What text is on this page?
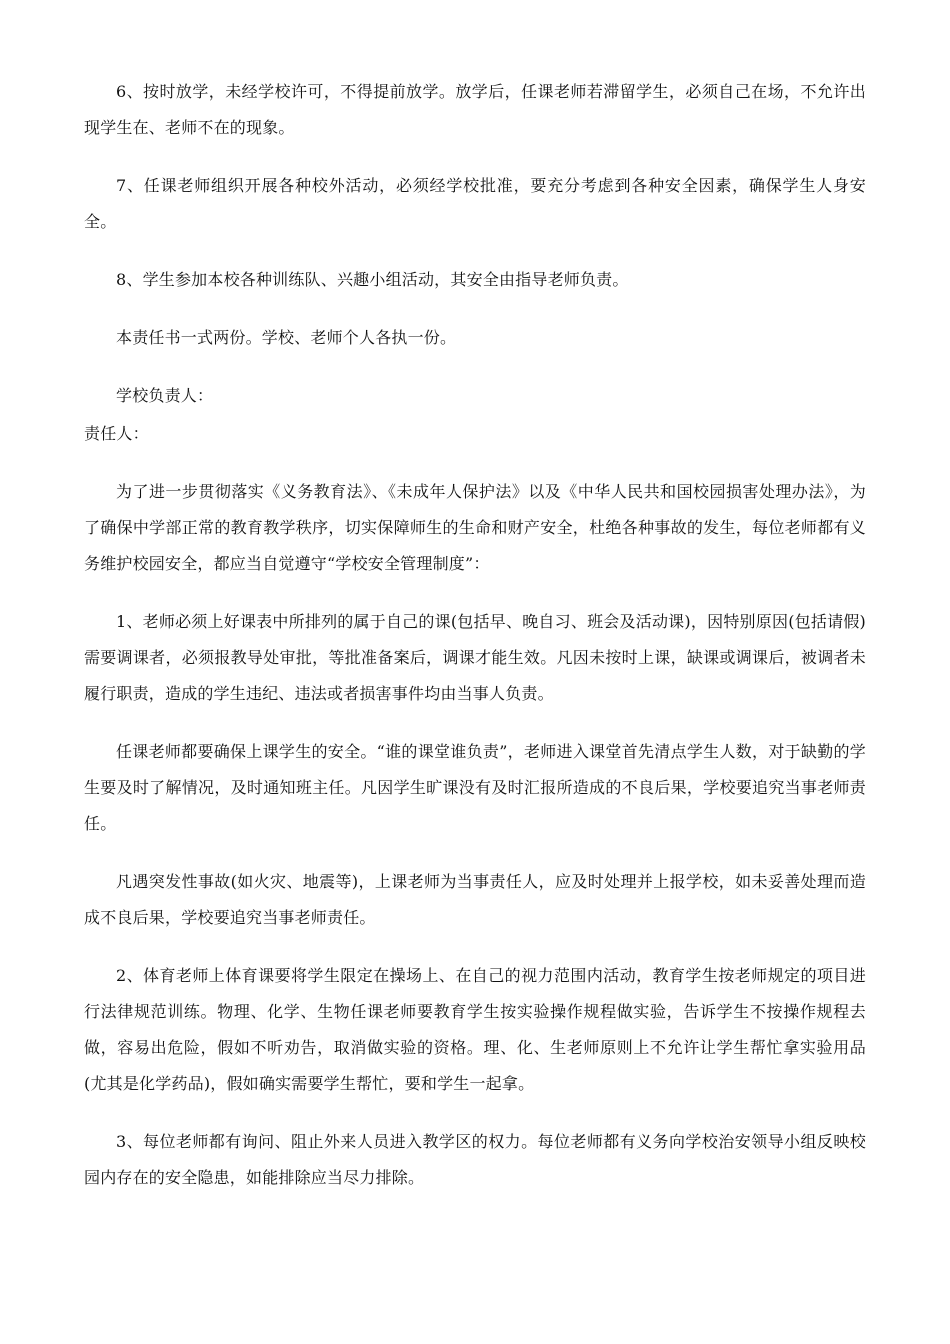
6、按时放学，未经学校许可，不得提前放学。放学后，任课老师若滞留学生，必须自己在场，不允许出现学生在、老师不在的现象。

7、任课老师组织开展各种校外活动，必须经学校批准，要充分考虑到各种安全因素，确保学生人身安全。

8、学生参加本校各种训练队、兴趣小组活动，其安全由指导老师负责。

本责任书一式两份。学校、老师个人各执一份。

学校负责人：

责任人：

为了进一步贯彻落实《义务教育法》、《未成年人保护法》以及《中华人民共和国校园损害处理办法》，为了确保中学部正常的教育教学秩序，切实保障师生的生命和财产安全，杜绝各种事故的发生，每位老师都有义务维护校园安全，都应当自觉遵守“学校安全管理制度”：

1、老师必须上好课表中所排列的属于自己的课(包括早、晚自习、班会及活动课)，因特别原因(包括请假)需要调课者，必须报教导处审批，等批准备案后，调课才能生效。凡因未按时上课，缺课或调课后，被调者未履行职责，造成的学生违纪、违法或者损害事件均由当事人负责。

任课老师都要确保上课学生的安全。“谁的课堂谁负责”，老师进入课堂首先清点学生人数，对于缺勤的学生要及时了解情况，及时通知班主任。凡因学生旷课没有及时汇报所造成的不良后果，学校要追究当事老师责任。

凡遇突发性事故(如火灾、地震等)，上课老师为当事责任人，应及时处理并上报学校，如未妥善处理而造成不良后果，学校要追究当事老师责任。

2、体育老师上体育课要将学生限定在操场上、在自己的视力范围内活动，教育学生按老师规定的项目进行法律规范训练。物理、化学、生物任课老师要教育学生按实验操作规程做实验，告诉学生不按操作规程去做，容易出危险，假如不听劝告，取消做实验的资格。理、化、生老师原则上不允许让学生帮忙拿实验用品(尤其是化学药品)，假如确实需要学生帮忙，要和学生一起拿。

3、每位老师都有询问、阻止外来人员进入教学区的权力。每位老师都有义务向学校治安领导小组反映校园内存在的安全隐患，如能排除应当尽力排除。
